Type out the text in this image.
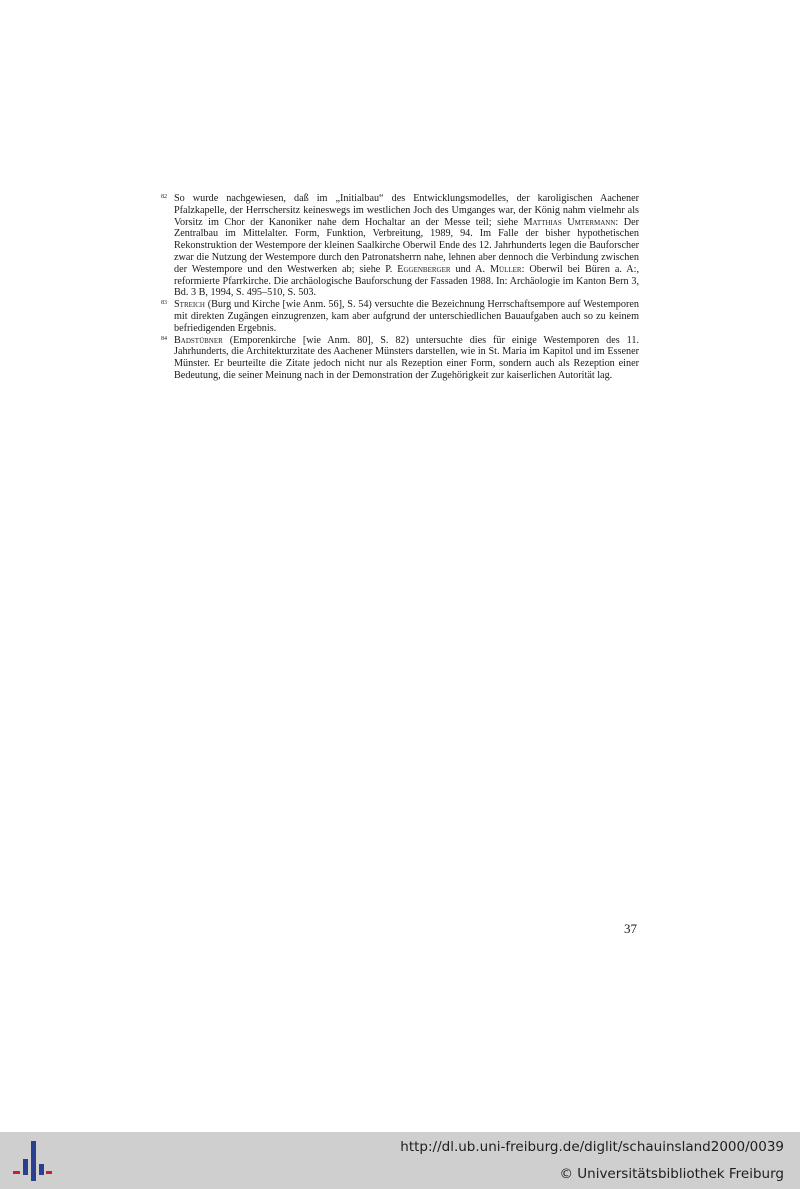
82 So wurde nachgewiesen, daß im „Initialbau“ des Entwicklungsmodelles, der karoligischen Aachener Pfalzkapelle, der Herrschersitz keineswegs im westlichen Joch des Umganges war, der König nahm vielmehr als Vorsitz im Chor der Kanoniker nahe dem Hochaltar an der Messe teil; siehe Matthias Umtermann: Der Zentralbau im Mittelalter. Form, Funktion, Verbreitung, 1989, 94. Im Falle der bisher hypothetischen Rekonstruktion der Westempore der kleinen Saalkirche Oberwil Ende des 12. Jahrhunderts legen die Bauforscher zwar die Nutzung der Westempore durch den Patronatsherrn nahe, lehnen aber dennoch die Verbindung zwischen der Westempore und den Westwerken ab; siehe P. Eggenberger und A. Müller: Oberwil bei Büren a. A:, reformierte Pfarrkirche. Die archäologische Bauforschung der Fassaden 1988. In: Archäologie im Kanton Bern 3, Bd. 3 B, 1994, S. 495–510, S. 503.

83 Streich (Burg und Kirche [wie Anm. 56], S. 54) versuchte die Bezeichnung Herrschaftsempore auf Westemporen mit direkten Zugängen einzugrenzen, kam aber aufgrund der unterschiedlichen Bauaufgaben auch so zu keinem befriedigenden Ergebnis.

84 Badstübner (Emporenkirche [wie Anm. 80], S. 82) untersuchte dies für einige Westemporen des 11. Jahrhunderts, die Architekturzitate des Aachener Münsters darstellen, wie in St. Maria im Kapitol und im Essener Münster. Er beurteilte die Zitate jedoch nicht nur als Rezeption einer Form, sondern auch als Rezeption einer Bedeutung, die seiner Meinung nach in der Demonstration der Zugehörigkeit zur kaiserlichen Autorität lag.

37
http://dl.ub.uni-freiburg.de/diglit/schauinsland2000/0039
© Universitätsbibliothek Freiburg
